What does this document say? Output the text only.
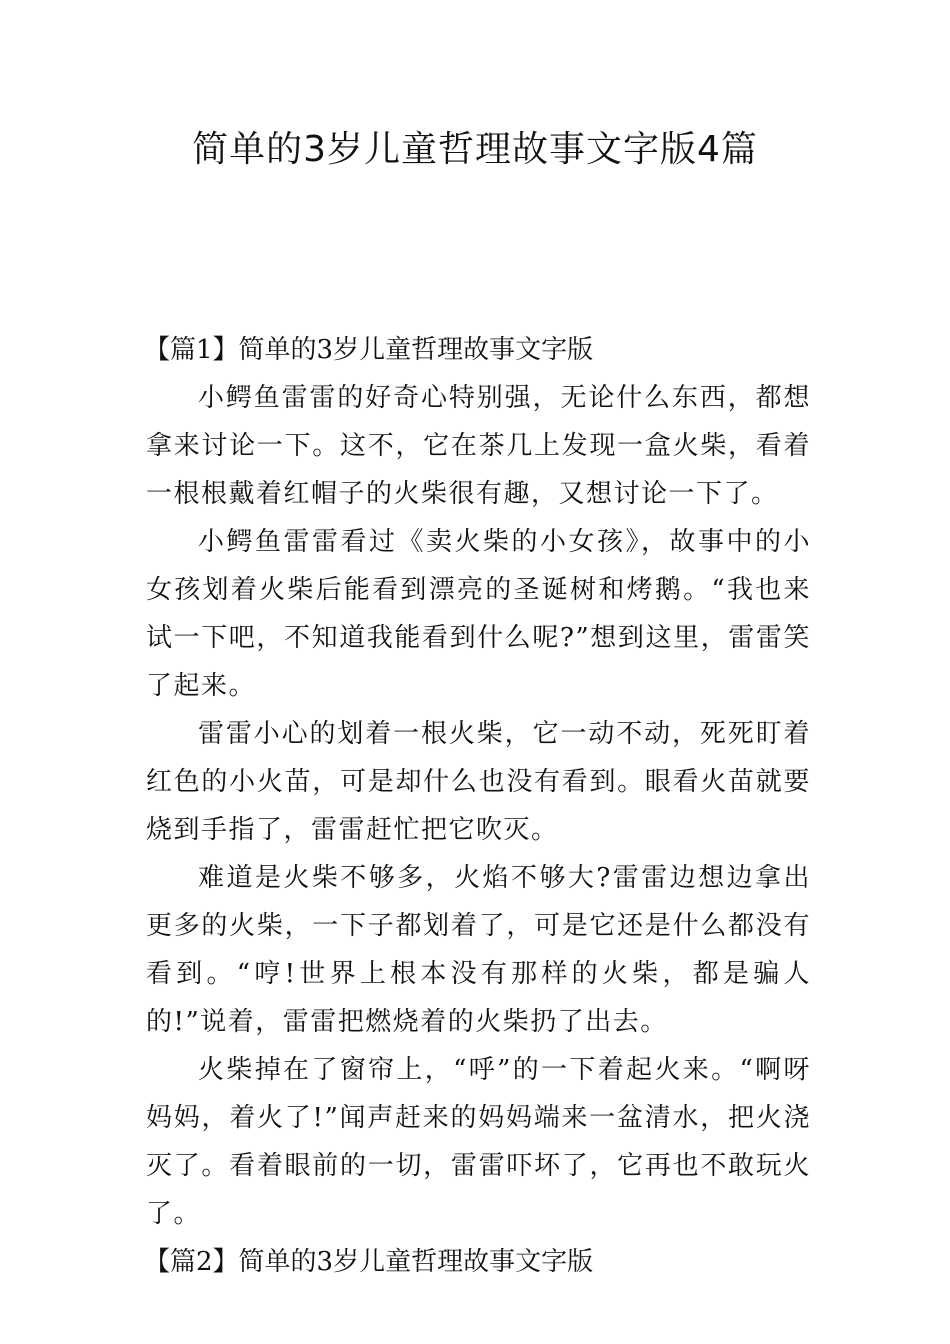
简单的3岁儿童哲理故事文字版4篇
【篇1】简单的3岁儿童哲理故事文字版

小鳄鱼雷雷的好奇心特别强，无论什么东西，都想拿来讨论一下。这不，它在茶几上发现一盒火柴，看着一根根戴着红帽子的火柴很有趣，又想讨论一下了。

小鳄鱼雷雷看过《卖火柴的小女孩》，故事中的小女孩划着火柴后能看到漂亮的圣诞树和烤鹅。“我也来试一下吧，不知道我能看到什么呢?”想到这里，雷雷笑了起来。

雷雷小心的划着一根火柴，它一动不动，死死盯着红色的小火苗，可是却什么也没有看到。眼看火苗就要烧到手指了，雷雷赶忙把它吹灭。

难道是火柴不够多，火焰不够大?雷雷边想边拿出更多的火柴，一下子都划着了，可是它还是什么都没有看到。“哼!世界上根本没有那样的火柴，都是骗人的!”说着，雷雷把燃烧着的火柴扔了出去。

火柴掉在了窗帘上，“呼”的一下着起火来。“啊呀妈妈，着火了!”闻声赶来的妈妈端来一盆清水，把火浇灭了。看着眼前的一切，雷雷吓坏了，它再也不敢玩火了。

【篇2】简单的3岁儿童哲理故事文字版
